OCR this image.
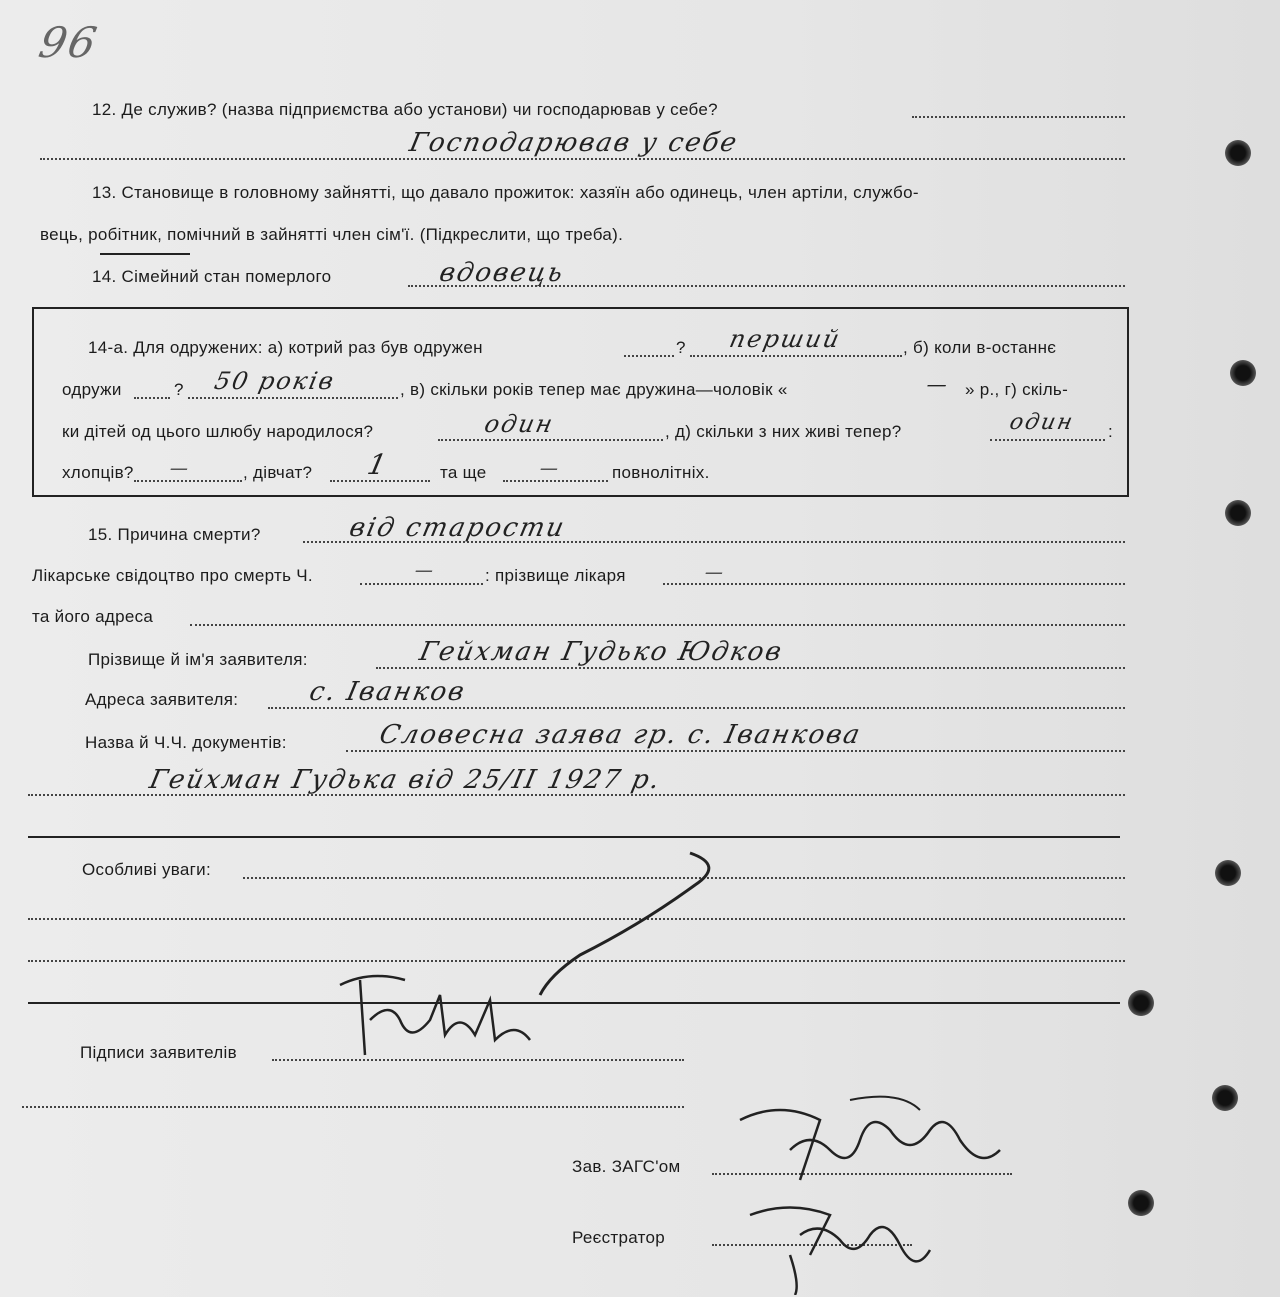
96
12. Де служив? (назва підприємства або установи) чи господарював у себе?
Господарював у себе
13. Становище в головному зайнятті, що давало прожиток: хазяїн або одинець, член артіли, службо-
вець, робітник, помічний в зайнятті член сім'ї. (Підкреслити, що треба).
14. Сімейний стан померлого	вдовець
14-а. Для одружених: а) котрий раз був одружен	? перший	, б) коли в-останнє
одружи	? 50 років	, в) скільки років тепер має дружина—чоловік «	— » р., г) скіль-
ки дітей од цього шлюбу народилося?	один	, д) скільки з них живі тепер?	один :
хлопців? —	, дівчат? 1	та ще	—	повнолітніх.
15. Причина смерти?	від старости
Лікарське свідоцтво про смерть Ч.	—	: прізвище лікаря	—
та його адреса
Прізвище й ім'я заявителя:	Гейхман Гудько Юдков
Адреса заявителя:	с. Іванков
Назва й Ч.Ч. документів:	Словесна заява гр. с. Іванкова
Гейхман Гудька від 25/ІІ 1927 р.
Особливі уваги:
Підписи заявителів
Зав. ЗАГС'ом
Реєстратор
